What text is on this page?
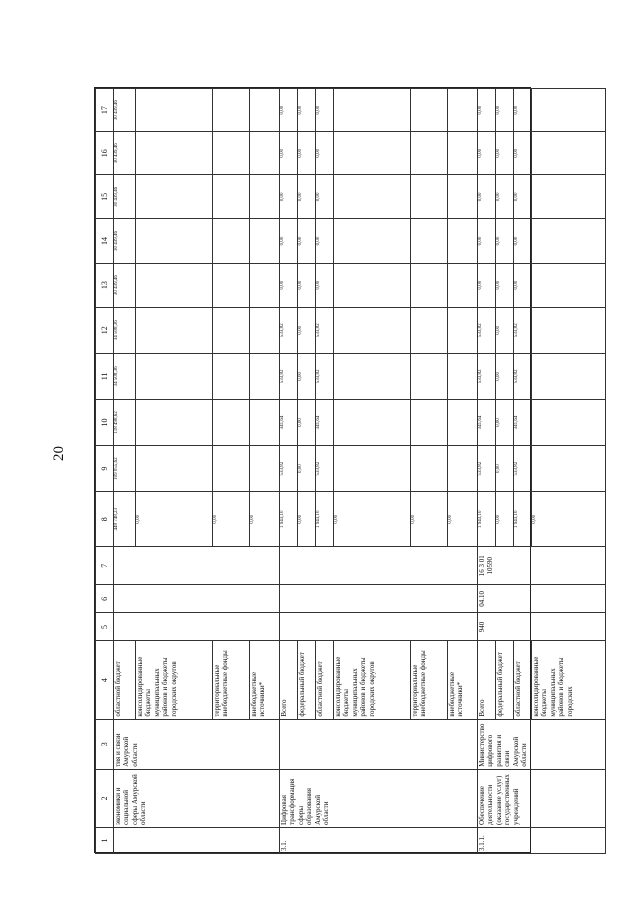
20
1	2	3	4	5	6	7	8	9	10	11	12	13	14	15	16	17
	экономики и социальной сферы Амурской области	тия и связи Амурской области	областной бюджет				448 748,23	109 055,62	118 498,62	34 508,36	34 508,36	30 439,46	30 439,46	30 439,46	30 439,46	30 439,46
			консолидированные бюджеты муниципальных районов и бюджеты городских округов				0,00									
			территориальные внебюджетные фонды				0,00									
			внебюджетные источники*				0,00									
3.1.	Цифровая трансформация сферы образования Амурской области		Всего				1 943,10	533,82	341,64	533,82	533,82	0,00	0,00	0,00	0,00	0,00
			федеральный бюджет				0,00	0,00	0,00	0,00	0,00	0,00	0,00	0,00	0,00	0,00
			областной бюджет				1 943,10	533,82	341,64	533,82	533,82	0,00	0,00	0,00	0,00	0,00
			консолидированные бюджеты муниципальных районов и бюджеты городских округов				0,00									
			территориальные внебюджетные фонды				0,00									
			внебюджетные источники*				0,00									
3.1.1.	Обеспечение деятельности (оказание услуг) государственных учреждений	Министерство цифрового развития и связи Амурской области	Всего	940	04.10	16 3 01 10590	1 943,10	533,82	341,64	533,82	533,82	0,00	0,00	0,00	0,00	0,00
			федеральный бюджет				0,00	0,00	0,00	0,00	0,00	0,00	0,00	0,00	0,00	0,00
			областной бюджет				1 943,10	533,82	341,64	533,82	533,82	0,00	0,00	0,00	0,00	0,00
			консолидированные бюджеты муниципальных районов и бюджеты городских				0,00									
